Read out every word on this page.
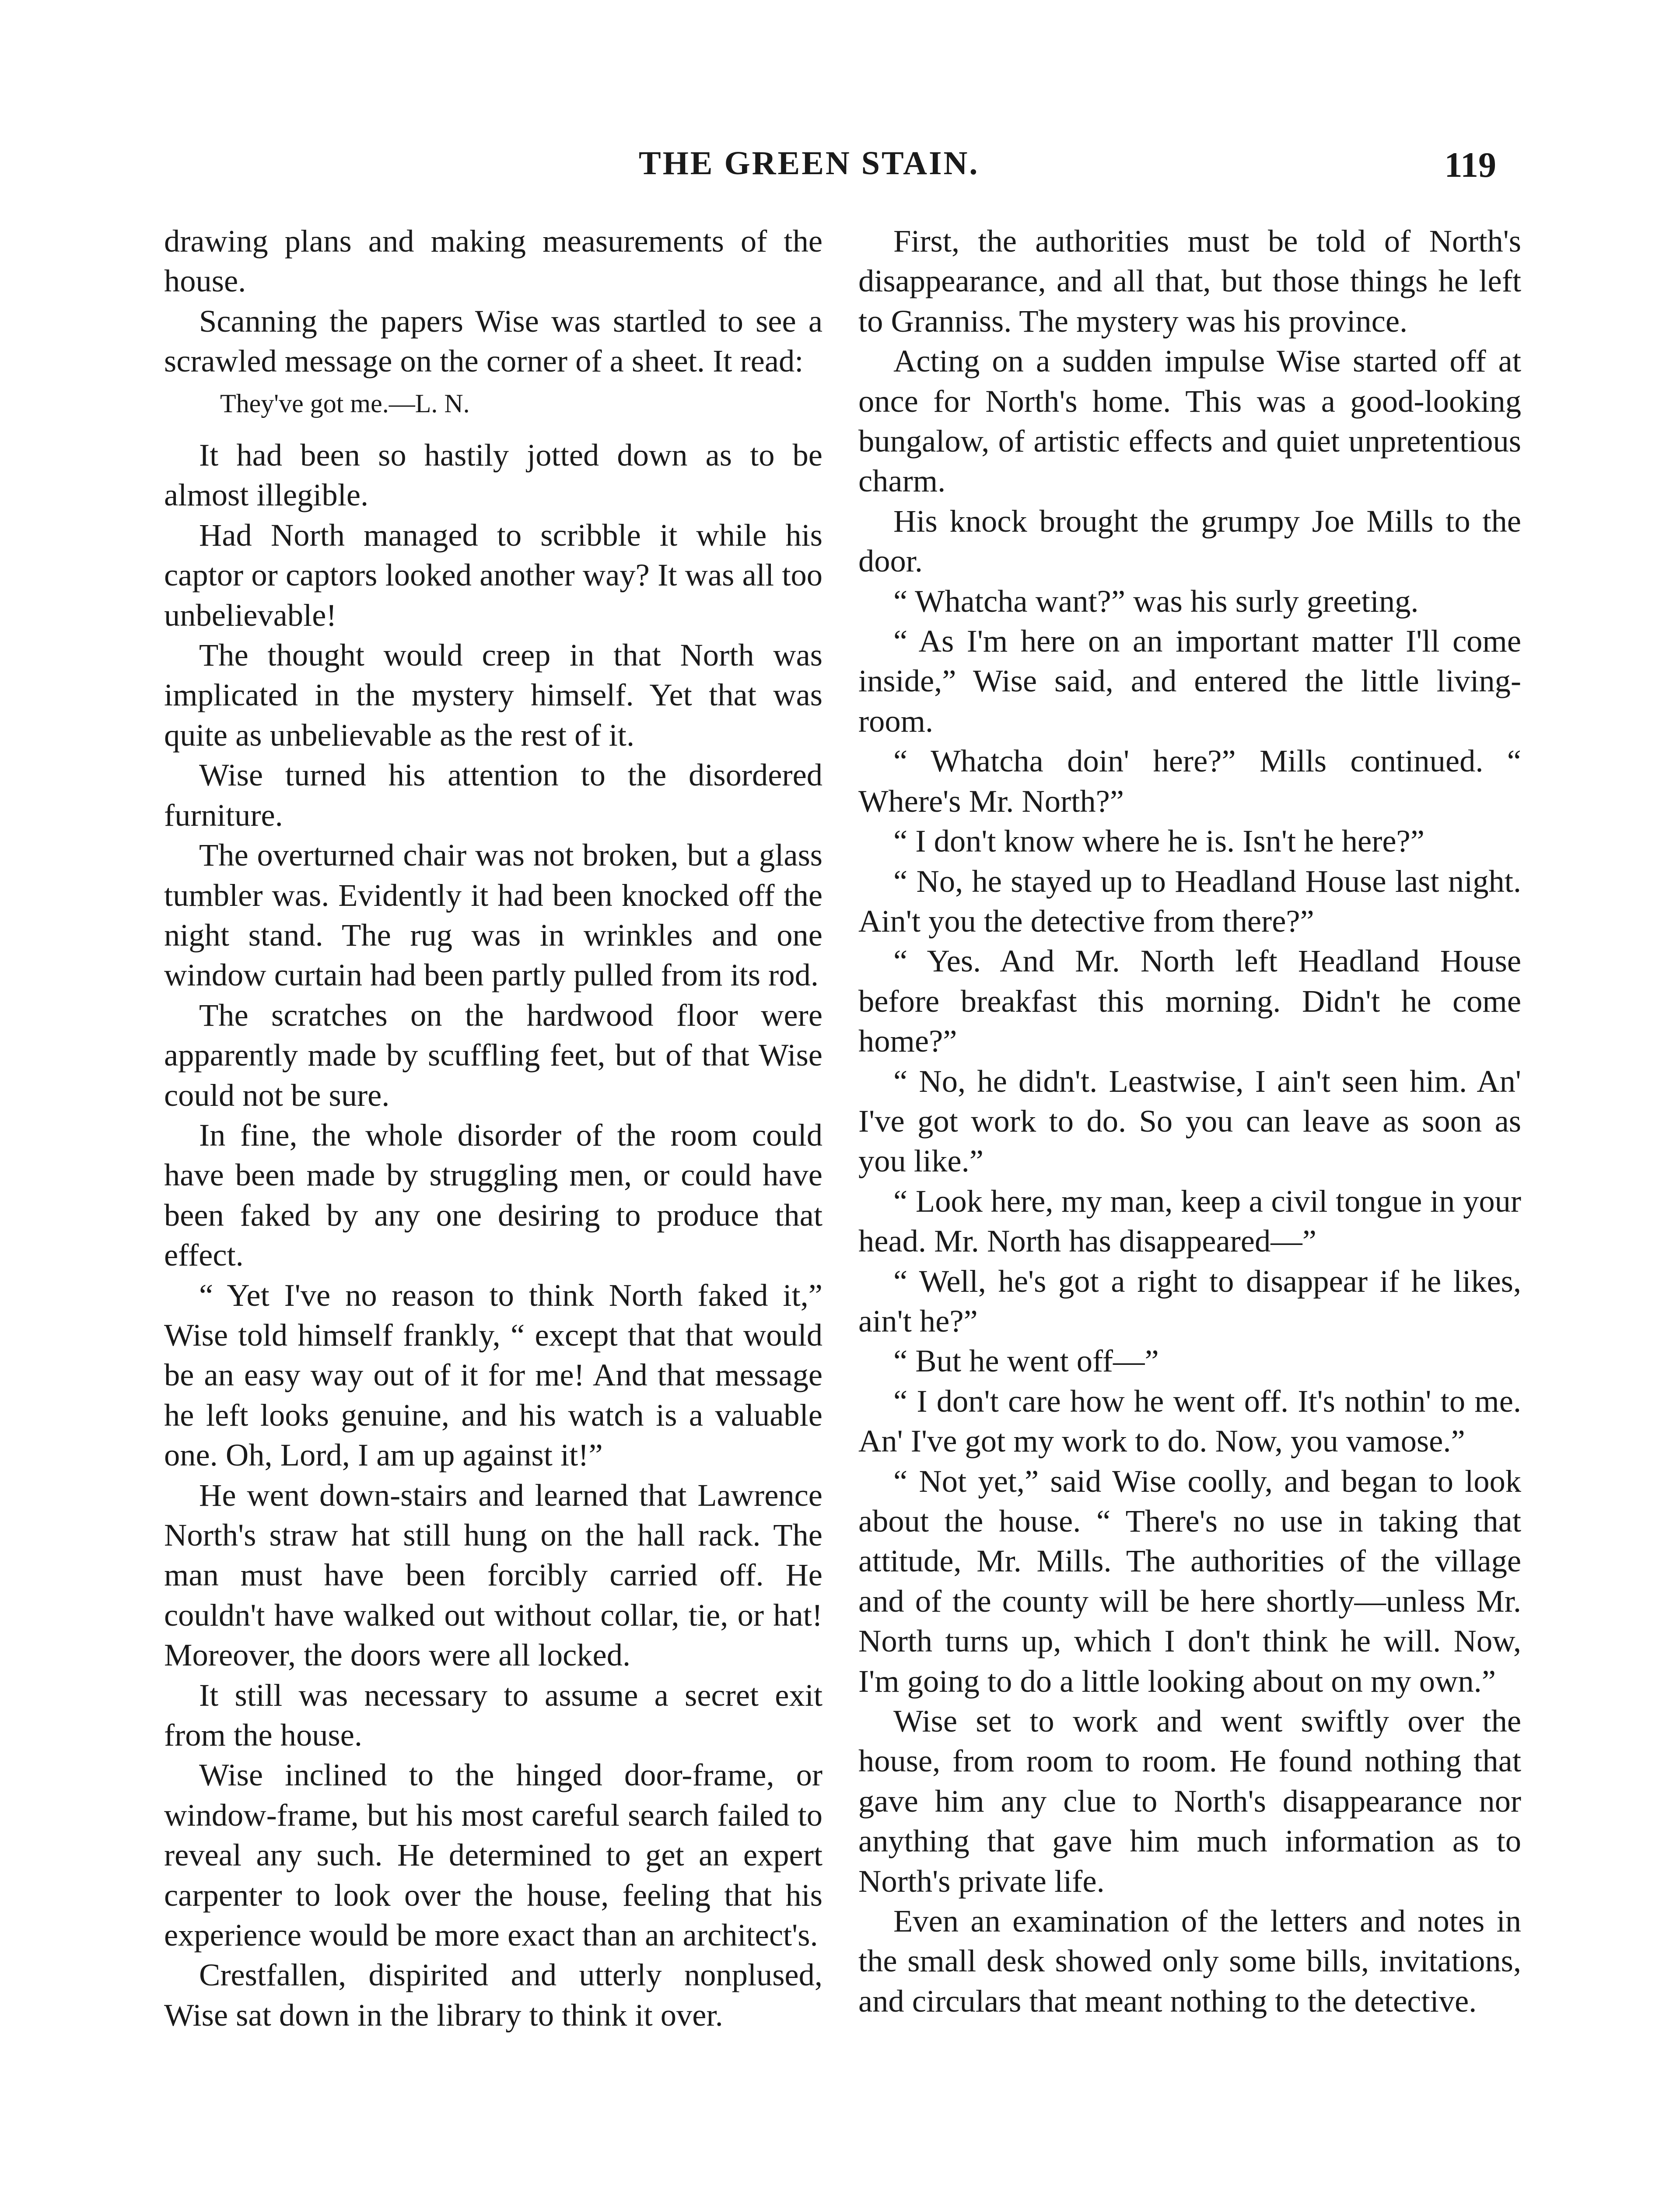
THE GREEN STAIN.	119

drawing plans and making measurements of the house.

Scanning the papers Wise was startled to see a scrawled message on the corner of a sheet. It read:

They've got me.—L. N.

It had been so hastily jotted down as to be almost illegible.

Had North managed to scribble it while his captor or captors looked another way? It was all too unbelievable!

The thought would creep in that North was implicated in the mystery himself. Yet that was quite as unbelievable as the rest of it.

Wise turned his attention to the disordered furniture.

The overturned chair was not broken, but a glass tumbler was. Evidently it had been knocked off the night stand. The rug was in wrinkles and one window curtain had been partly pulled from its rod.

The scratches on the hardwood floor were apparently made by scuffling feet, but of that Wise could not be sure.

In fine, the whole disorder of the room could have been made by struggling men, or could have been faked by any one desiring to produce that effect.

“ Yet I've no reason to think North faked it,” Wise told himself frankly, “ except that that would be an easy way out of it for me! And that message he left looks genuine, and his watch is a valuable one. Oh, Lord, I am up against it!”

He went down-stairs and learned that Lawrence North's straw hat still hung on the hall rack. The man must have been forcibly carried off. He couldn't have walked out without collar, tie, or hat! Moreover, the doors were all locked.

It still was necessary to assume a secret exit from the house.

Wise inclined to the hinged door-frame, or window-frame, but his most careful search failed to reveal any such. He determined to get an expert carpenter to look over the house, feeling that his experience would be more exact than an architect's.

Crestfallen, dispirited and utterly nonplused, Wise sat down in the library to think it over.

First, the authorities must be told of North's disappearance, and all that, but those things he left to Granniss. The mystery was his province.

Acting on a sudden impulse Wise started off at once for North's home. This was a good-looking bungalow, of artistic effects and quiet unpretentious charm.

His knock brought the grumpy Joe Mills to the door.

“ Whatcha want?” was his surly greeting.

“ As I'm here on an important matter I'll come inside,” Wise said, and entered the little living-room.

“ Whatcha doin' here?” Mills continued. “ Where's Mr. North?”

“ I don't know where he is. Isn't he here?”

“ No, he stayed up to Headland House last night. Ain't you the detective from there?”

“ Yes. And Mr. North left Headland House before breakfast this morning. Didn't he come home?”

“ No, he didn't. Leastwise, I ain't seen him. An' I've got work to do. So you can leave as soon as you like.”

“ Look here, my man, keep a civil tongue in your head. Mr. North has disappeared—”

“ Well, he's got a right to disappear if he likes, ain't he?”

“ But he went off—”

“ I don't care how he went off. It's nothin' to me. An' I've got my work to do. Now, you vamose.”

“ Not yet,” said Wise coolly, and began to look about the house. “ There's no use in taking that attitude, Mr. Mills. The authorities of the village and of the county will be here shortly—unless Mr. North turns up, which I don't think he will. Now, I'm going to do a little looking about on my own.”

Wise set to work and went swiftly over the house, from room to room. He found nothing that gave him any clue to North's disappearance nor anything that gave him much information as to North's private life.

Even an examination of the letters and notes in the small desk showed only some bills, invitations, and circulars that meant nothing to the detective.
